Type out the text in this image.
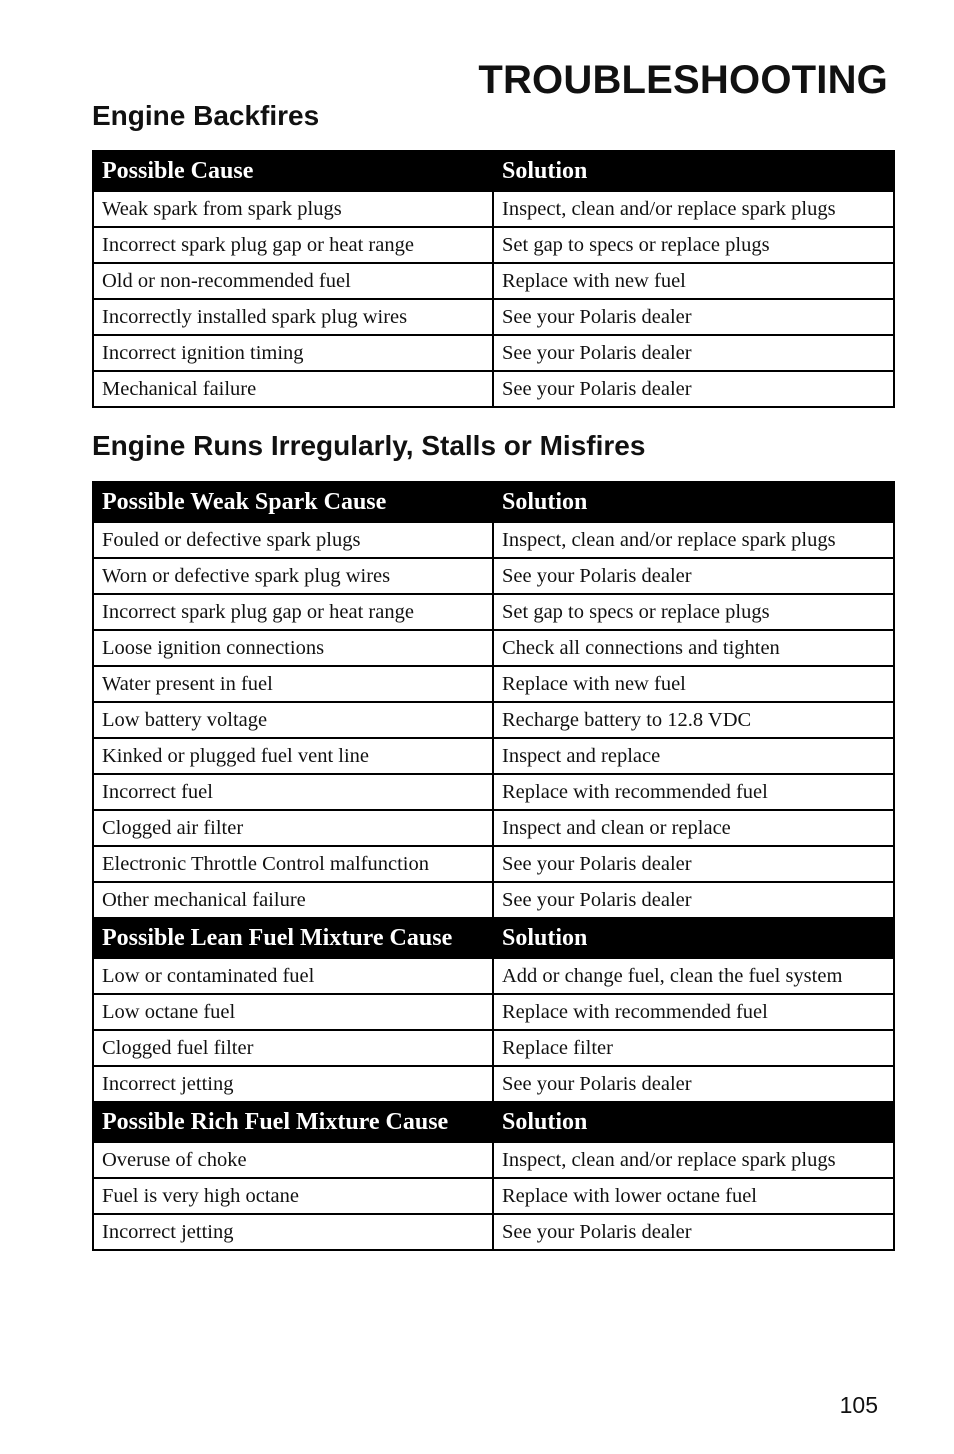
TROUBLESHOOTING
Engine Backfires
Possible Cause	Solution
Weak spark from spark plugs	Inspect, clean and/or replace spark plugs
Incorrect spark plug gap or heat range	Set gap to specs or replace plugs
Old or non-recommended fuel	Replace with new fuel
Incorrectly installed spark plug wires	See your Polaris dealer
Incorrect ignition timing	See your Polaris dealer
Mechanical failure	See your Polaris dealer
Engine Runs Irregularly, Stalls or Misfires
Possible Weak Spark Cause	Solution
Fouled or defective spark plugs	Inspect, clean and/or replace spark plugs
Worn or defective spark plug wires	See your Polaris dealer
Incorrect spark plug gap or heat range	Set gap to specs or replace plugs
Loose ignition connections	Check all connections and tighten
Water present in fuel	Replace with new fuel
Low battery voltage	Recharge battery to 12.8 VDC
Kinked or plugged fuel vent line	Inspect and replace
Incorrect fuel	Replace with recommended fuel
Clogged air filter	Inspect and clean or replace
Electronic Throttle Control malfunction	See your Polaris dealer
Other mechanical failure	See your Polaris dealer
Possible Lean Fuel Mixture Cause	Solution
Low or contaminated fuel	Add or change fuel, clean the fuel system
Low octane fuel	Replace with recommended fuel
Clogged fuel filter	Replace filter
Incorrect jetting	See your Polaris dealer
Possible Rich Fuel Mixture Cause	Solution
Overuse of choke	Inspect, clean and/or replace spark plugs
Fuel is very high octane	Replace with lower octane fuel
Incorrect jetting	See your Polaris dealer
105
